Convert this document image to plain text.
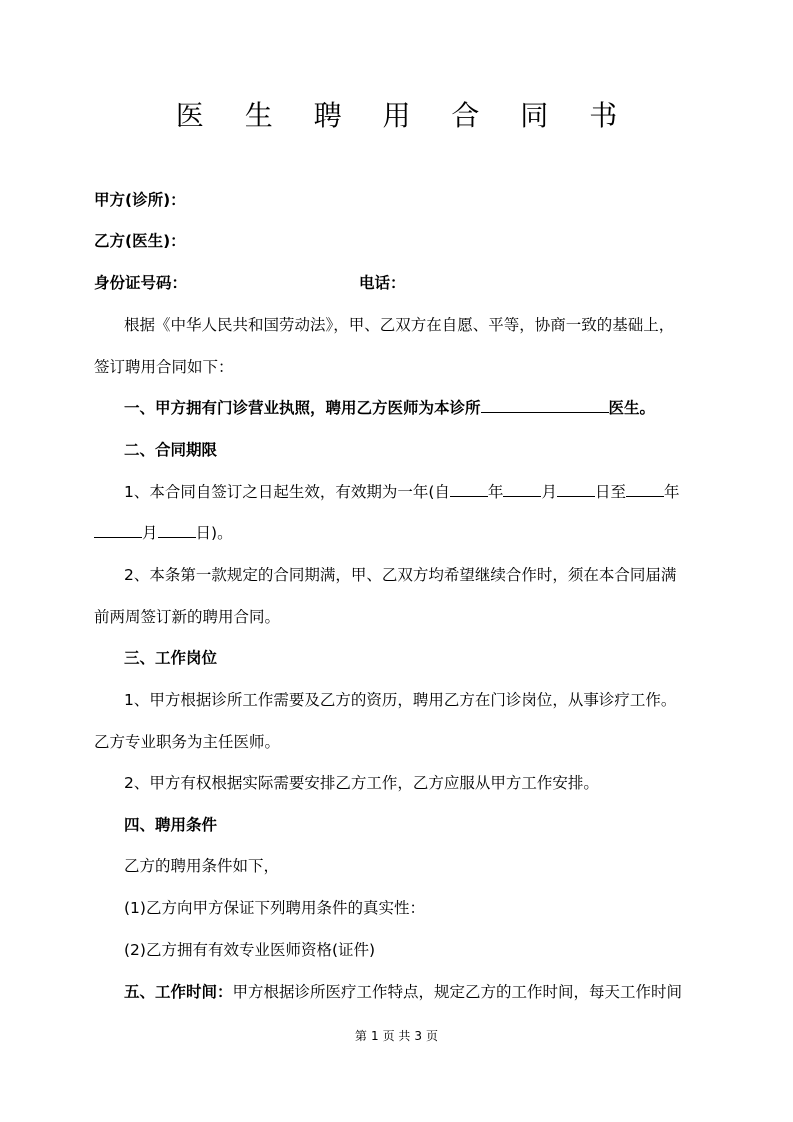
医 生 聘 用 合 同 书
甲方(诊所)：
乙方(医生)：
身份证号码：	电话：
根据《中华人民共和国劳动法》，甲、乙双方在自愿、平等，协商一致的基础上，
签订聘用合同如下：
一、甲方拥有门诊营业执照，聘用乙方医师为本诊所	医生。
二、合同期限
1、本合同自签订之日起生效，有效期为一年(自 年 月 日至 年
月 日)。
2、本条第一款规定的合同期满，甲、乙双方均希望继续合作时，须在本合同届满
前两周签订新的聘用合同。
三、工作岗位
1、甲方根据诊所工作需要及乙方的资历，聘用乙方在门诊岗位，从事诊疗工作。
乙方专业职务为主任医师。
2、甲方有权根据实际需要安排乙方工作，乙方应服从甲方工作安排。
四、聘用条件
乙方的聘用条件如下，
(1)乙方向甲方保证下列聘用条件的真实性：
(2)乙方拥有有效专业医师资格(证件)
五、工作时间：甲方根据诊所医疗工作特点，规定乙方的工作时间，每天工作时间
第 1 页 共 3 页
